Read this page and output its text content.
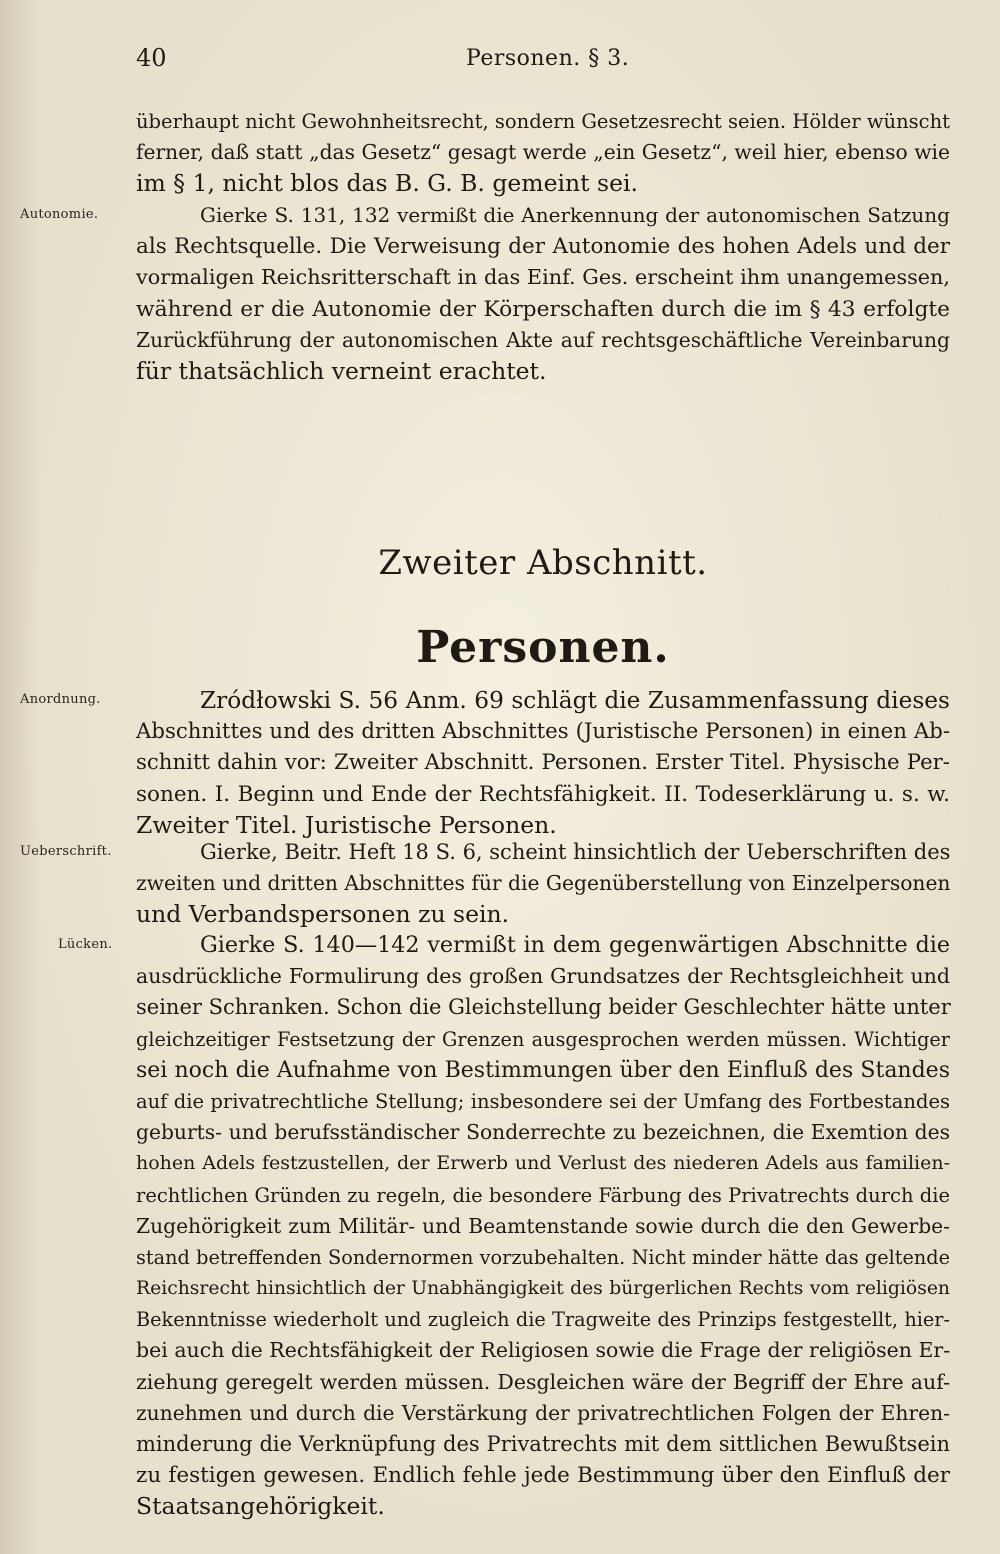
40	Personen. § 3.
überhaupt nicht Gewohnheitsrecht, sondern Gesetzesrecht seien. Hölder wünscht
ferner, daß statt „das Gesetz“ gesagt werde „ein Gesetz“, weil hier, ebenso wie
im § 1, nicht blos das B. G. B. gemeint sei.
Autonomie.	Gierke S. 131, 132 vermißt die Anerkennung der autonomischen Satzung
als Rechtsquelle. Die Verweisung der Autonomie des hohen Adels und der
vormaligen Reichsritterschaft in das Einf. Ges. erscheint ihm unangemessen,
während er die Autonomie der Körperschaften durch die im § 43 erfolgte
Zurückführung der autonomischen Akte auf rechtsgeschäftliche Vereinbarung
für thatsächlich verneint erachtet.
Zweiter Abschnitt.
Personen.
Anordnung.	Zródłowski S. 56 Anm. 69 schlägt die Zusammenfassung dieses
Abschnittes und des dritten Abschnittes (Juristische Personen) in einen Ab-
schnitt dahin vor: Zweiter Abschnitt. Personen. Erster Titel. Physische Per-
sonen. I. Beginn und Ende der Rechtsfähigkeit. II. Todeserklärung u. s. w.
Zweiter Titel. Juristische Personen.
Ueberschrift.	Gierke, Beitr. Heft 18 S. 6, scheint hinsichtlich der Ueberschriften des
zweiten und dritten Abschnittes für die Gegenüberstellung von Einzelpersonen
und Verbandspersonen zu sein.
Lücken.	Gierke S. 140—142 vermißt in dem gegenwärtigen Abschnitte die
ausdrückliche Formulirung des großen Grundsatzes der Rechtsgleichheit und
seiner Schranken. Schon die Gleichstellung beider Geschlechter hätte unter
gleichzeitiger Festsetzung der Grenzen ausgesprochen werden müssen. Wichtiger
sei noch die Aufnahme von Bestimmungen über den Einfluß des Standes
auf die privatrechtliche Stellung; insbesondere sei der Umfang des Fortbestandes
geburts- und berufsständischer Sonderrechte zu bezeichnen, die Exemtion des
hohen Adels festzustellen, der Erwerb und Verlust des niederen Adels aus familien-
rechtlichen Gründen zu regeln, die besondere Färbung des Privatrechts durch die
Zugehörigkeit zum Militär- und Beamtenstande sowie durch die den Gewerbe-
stand betreffenden Sondernormen vorzubehalten. Nicht minder hätte das geltende
Reichsrecht hinsichtlich der Unabhängigkeit des bürgerlichen Rechts vom religiösen
Bekenntnisse wiederholt und zugleich die Tragweite des Prinzips festgestellt, hier-
bei auch die Rechtsfähigkeit der Religiosen sowie die Frage der religiösen Er-
ziehung geregelt werden müssen. Desgleichen wäre der Begriff der Ehre auf-
zunehmen und durch die Verstärkung der privatrechtlichen Folgen der Ehren-
minderung die Verknüpfung des Privatrechts mit dem sittlichen Bewußtsein
zu festigen gewesen. Endlich fehle jede Bestimmung über den Einfluß der
Staatsangehörigkeit.
